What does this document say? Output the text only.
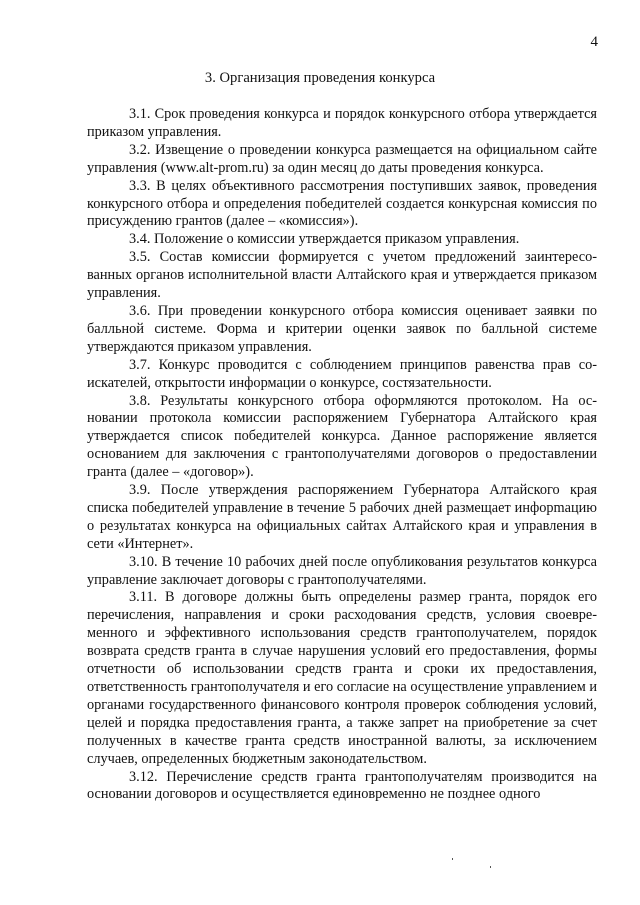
4
3. Организация проведения конкурса

3.1. Срок проведения конкурса и порядок конкурсного отбора утверждается приказом управления.

3.2. Извещение о проведении конкурса размещается на официальном сайте управления (www.alt-prom.ru) за один месяц до даты проведения конкурса.

3.3. В целях объективного рассмотрения поступивших заявок, проведения конкурсного отбора и определения победителей создается конкурсная комиссия по присуждению грантов (далее – «комиссия»).

3.4. Положение о комиссии утверждается приказом управления.

3.5. Состав комиссии формируется с учетом предложений заинтересованных органов исполнительной власти Алтайского края и утверждается приказом управления.

3.6. При проведении конкурсного отбора комиссия оценивает заявки по балльной системе. Форма и критерии оценки заявок по балльной системе утверждаются приказом управления.

3.7. Конкурс проводится с соблюдением принципов равенства прав соискателей, открытости информации о конкурсе, состязательности.

3.8. Результаты конкурсного отбора оформляются протоколом. На основании протокола комиссии распоряжением Губернатора Алтайского края утверждается список победителей конкурса. Данное распоряжение является основанием для заключения с грантополучателями договоров о предоставлении гранта (далее – «договор»).

3.9. После утверждения распоряжением Губернатора Алтайского края списка победителей управление в течение 5 рабочих дней размещает инфорmацию о результатах конкурса на официальных сайтах Алтайского края и управления в сети «Интернет».

3.10. В течение 10 рабочих дней после опубликования результатов конкурса управление заключает договоры с грантополучателями.

3.11. В договоре должны быть определены размер гранта, порядок его перечисления, направления и сроки расходования средств, условия своевременного и эффективного использования средств грантополучателем, порядок возврата средств гранта в случае нарушения условий его предоставления, формы отчетности об использовании средств гранта и сроки их предоставления, ответственность грантополучателя и его согласие на осуществление управлением и органами государственного финансового контроля проверок соблюдения условий, целей и порядка предоставления гранта, а также запрет на приобретение за счет полученных в качестве гранта средств иностранной валюты, за исключением случаев, определенных бюджетным законодательством.

3.12. Перечисление средств гранта грантополучателям производится на основании договоров и осуществляется единовременно не позднее одного
